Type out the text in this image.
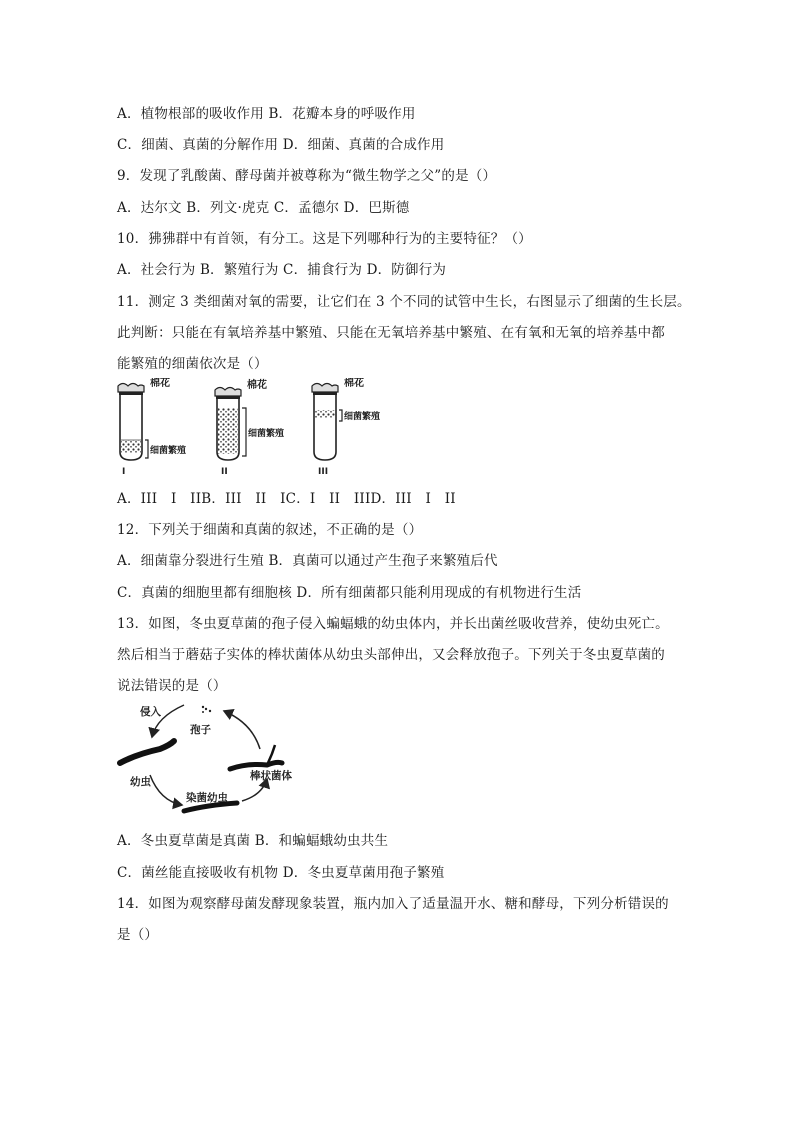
A．植物根部的吸收作用 B．花瓣本身的呼吸作用
C．细菌、真菌的分解作用 D．细菌、真菌的合成作用
9．发现了乳酸菌、酵母菌并被尊称为“微生物学之父”的是（）
A．达尔文 B．列文·虎克 C．孟德尔 D．巴斯德
10．狒狒群中有首领，有分工。这是下列哪种行为的主要特征？（）
A．社会行为 B．繁殖行为 C．捕食行为 D．防御行为
11．测定 3 类细菌对氧的需要，让它们在 3 个不同的试管中生长，右图显示了细菌的生长层。
此判断：只能在有氧培养基中繁殖、只能在无氧培养基中繁殖、在有氧和无氧的培养基中都
能繁殖的细菌依次是（）
棉花
细菌繁殖
I
棉花
细菌繁殖
II
棉花
细菌繁殖
III
A．III　I　IIB．III　II　IC．I　II　IIID．III　I　II
12．下列关于细菌和真菌的叙述，不正确的是（）
A．细菌靠分裂进行生殖 B．真菌可以通过产生孢子来繁殖后代
C．真菌的细胞里都有细胞核 D．所有细菌都只能利用现成的有机物进行生活
13．如图，冬虫夏草菌的孢子侵入蝙蝠蛾的幼虫体内，并长出菌丝吸收营养，使幼虫死亡。
然后相当于蘑菇子实体的棒状菌体从幼虫头部伸出，又会释放孢子。下列关于冬虫夏草菌的
说法错误的是（）
侵入
孢子
幼虫
染菌幼虫
棒状菌体
A．冬虫夏草菌是真菌 B．和蝙蝠蛾幼虫共生
C．菌丝能直接吸收有机物 D．冬虫夏草菌用孢子繁殖
14．如图为观察酵母菌发酵现象装置，瓶内加入了适量温开水、糖和酵母，下列分析错误的
是（）
